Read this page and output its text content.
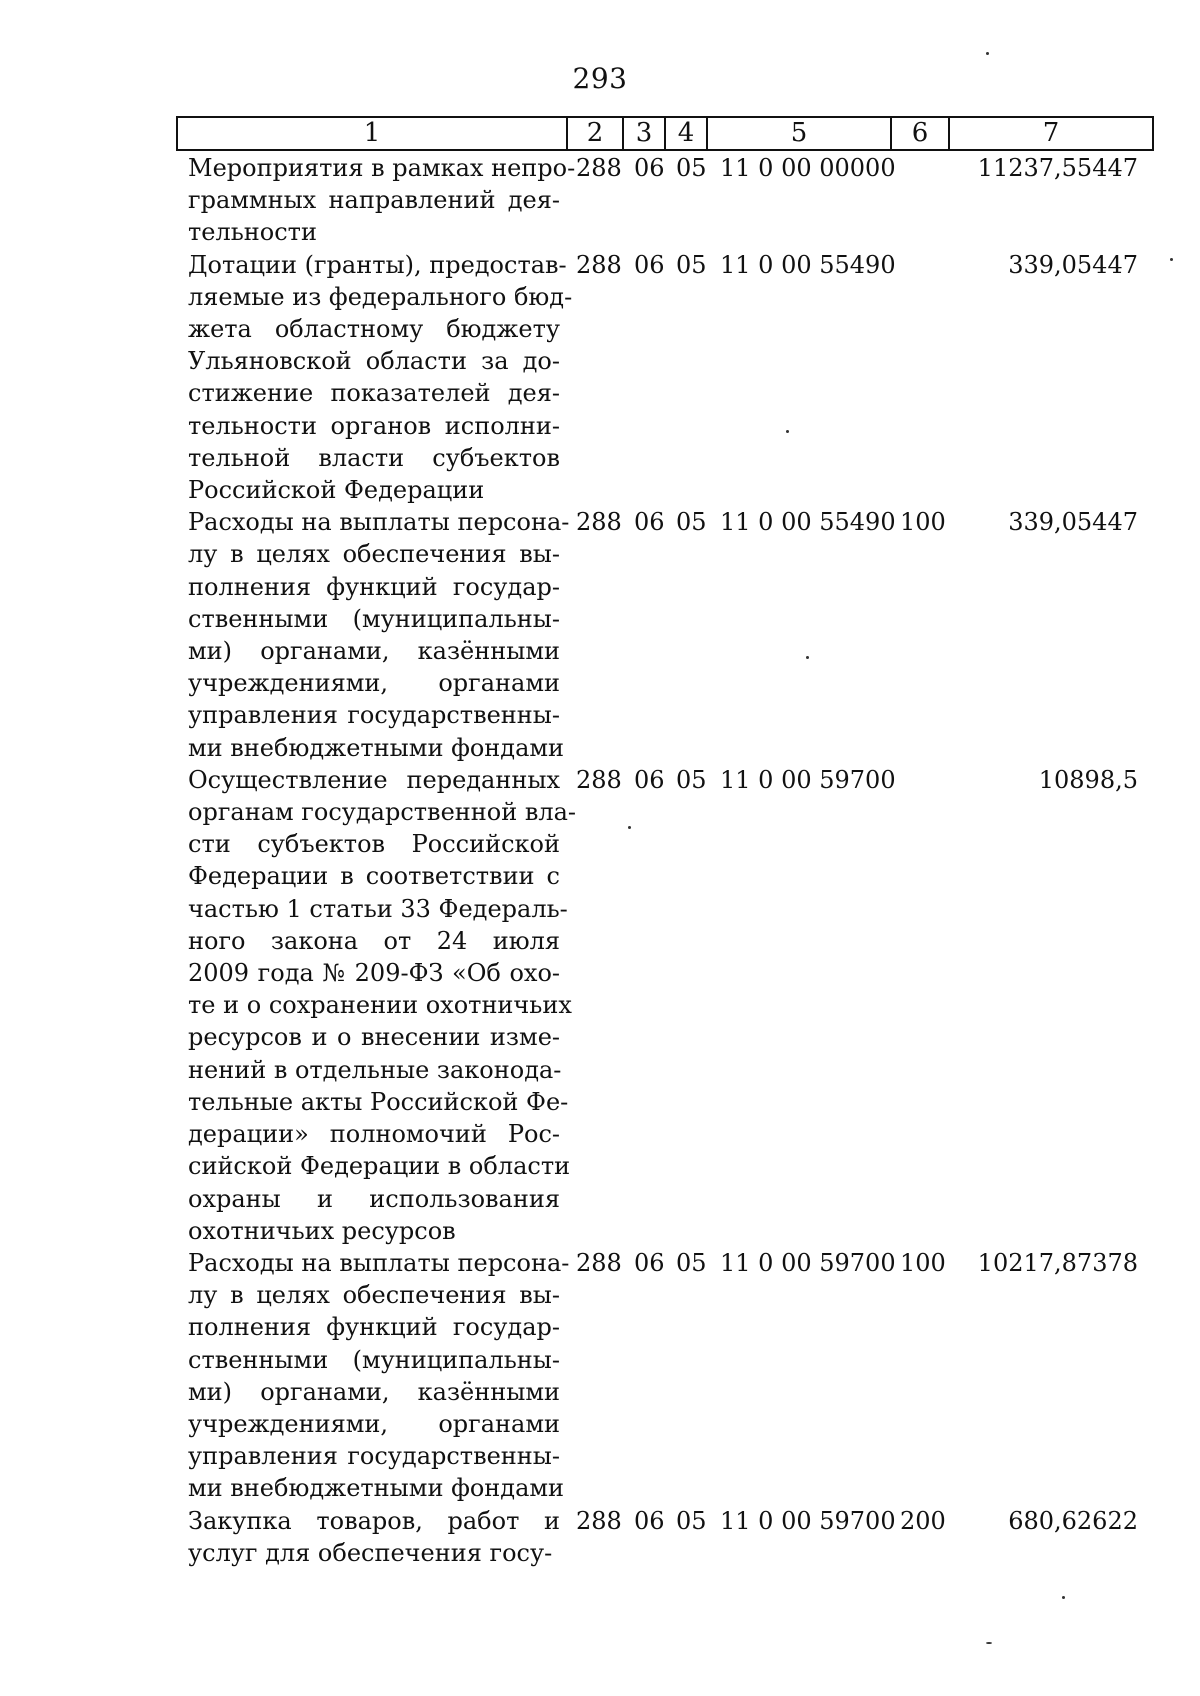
293
1	2	3 4	5	6	7
Мероприятия в рамках непро-
граммных направлений дея-
тельности
288 06 05 11 0 00 00000	11237,55447
Дотации (гранты), предостав-
ляемые из федерального бюд-
жета областному бюджету
Ульяновской области за до-
стижение показателей дея-
тельности органов исполни-
тельной власти субъектов
Российской Федерации
288 06 05 11 0 00 55490	339,05447
Расходы на выплаты персона-
лу в целях обеспечения вы-
полнения функций государ-
ственными (муниципальны-
ми) органами, казёнными
учреждениями, органами
управления государственны-
ми внебюджетными фондами
288 06 05 11 0 00 55490 100	339,05447
Осуществление переданных
органам государственной вла-
сти субъектов Российской
Федерации в соответствии с
частью 1 статьи 33 Федераль-
ного закона от 24 июля
2009 года № 209-ФЗ «Об охо-
те и о сохранении охотничьих
ресурсов и о внесении изме-
нений в отдельные законода-
тельные акты Российской Фе-
дерации» полномочий Рос-
сийской Федерации в области
охраны и использования
охотничьих ресурсов
288 06 05 11 0 00 59700	10898,5
Расходы на выплаты персона-
лу в целях обеспечения вы-
полнения функций государ-
ственными (муниципальны-
ми) органами, казёнными
учреждениями, органами
управления государственны-
ми внебюджетными фондами
288 06 05 11 0 00 59700 100	10217,87378
Закупка товаров, работ и
услуг для обеспечения госу-
288 06 05 11 0 00 59700 200	680,62622
